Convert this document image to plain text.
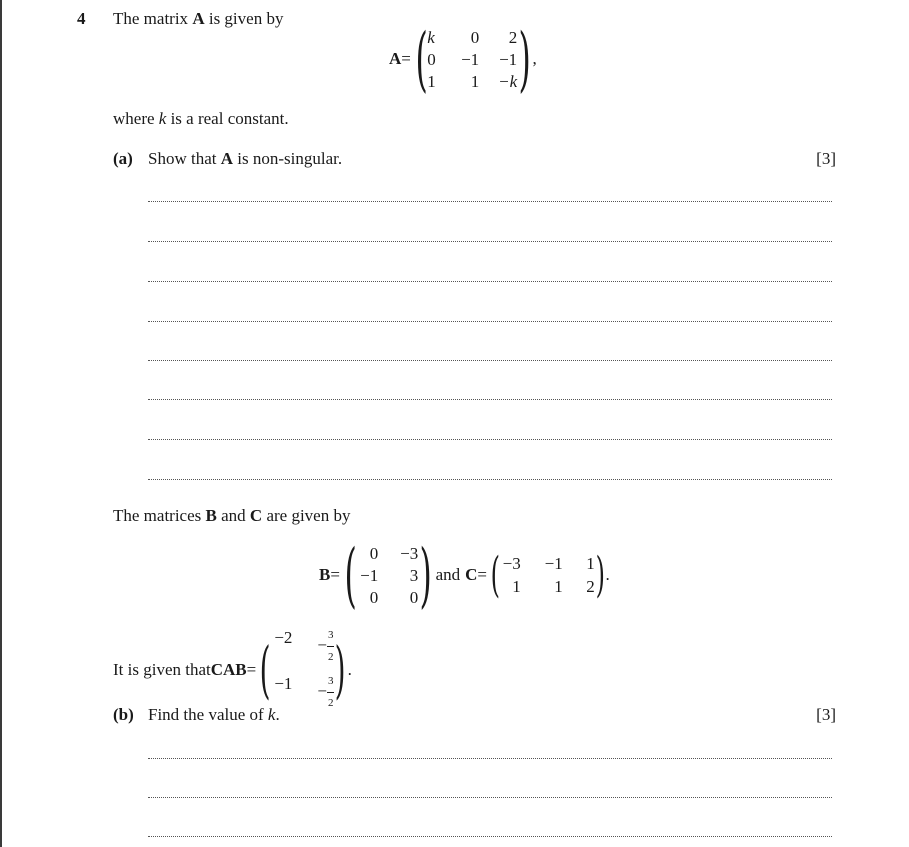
4 The matrix A is given by
A = ( k	0	2
0	−1	−1
1	1	−k ) ,
where k is a real constant.
(a) Show that A is non-singular.	[3]
The matrices B and C are given by
B = ( 0	−3
−1	3
0	0 ) and C = ( −3	−1	1
1	1	2 ) .
It is given that CAB = ( −2	− $\frac{3}{2}$
−1	− $\frac{3}{2}$ ) .
(b) Find the value of k.	[3]
